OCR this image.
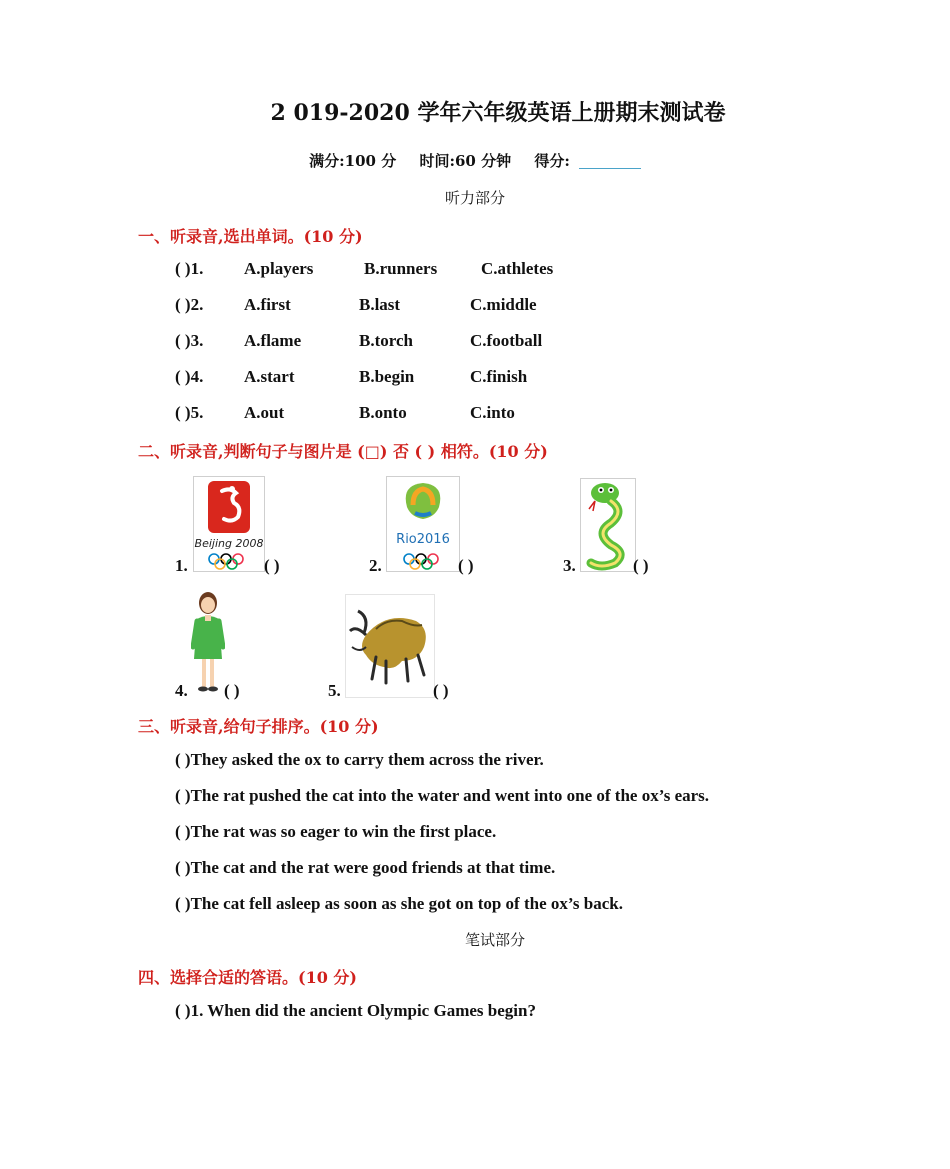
2 019-2020 学年六年级英语上册期末测试卷
满分:100 分 时间:60 分钟 得分:
听力部分
一、听录音,选出单词。(10 分)
( )1. A.players	B.runners	C.athletes
( )2. A.first	B.last	C.middle
( )3. A.flame	B.torch	C.football
( )4. A.start	B.begin	C.finish
( )5. A.out	B.onto	C.into
二、听录音,判断句子与图片是 (□) 否 ( ) 相符。(10 分)
1.
Beijing 2008
( )	2.
Rio2016
( )	3.	( )
4. ( )	5.	( )
三、听录音,给句子排序。(10 分)
( )They asked the ox to carry them across the river.
( )The rat pushed the cat into the water and went into one of the ox’s ears.
( )The rat was so eager to win the first place.
( )The cat and the rat were good friends at that time.
( )The cat fell asleep as soon as she got on top of the ox’s back.
笔试部分
四、选择合适的答语。(10 分)
( )1. When did the ancient Olympic Games begin?
